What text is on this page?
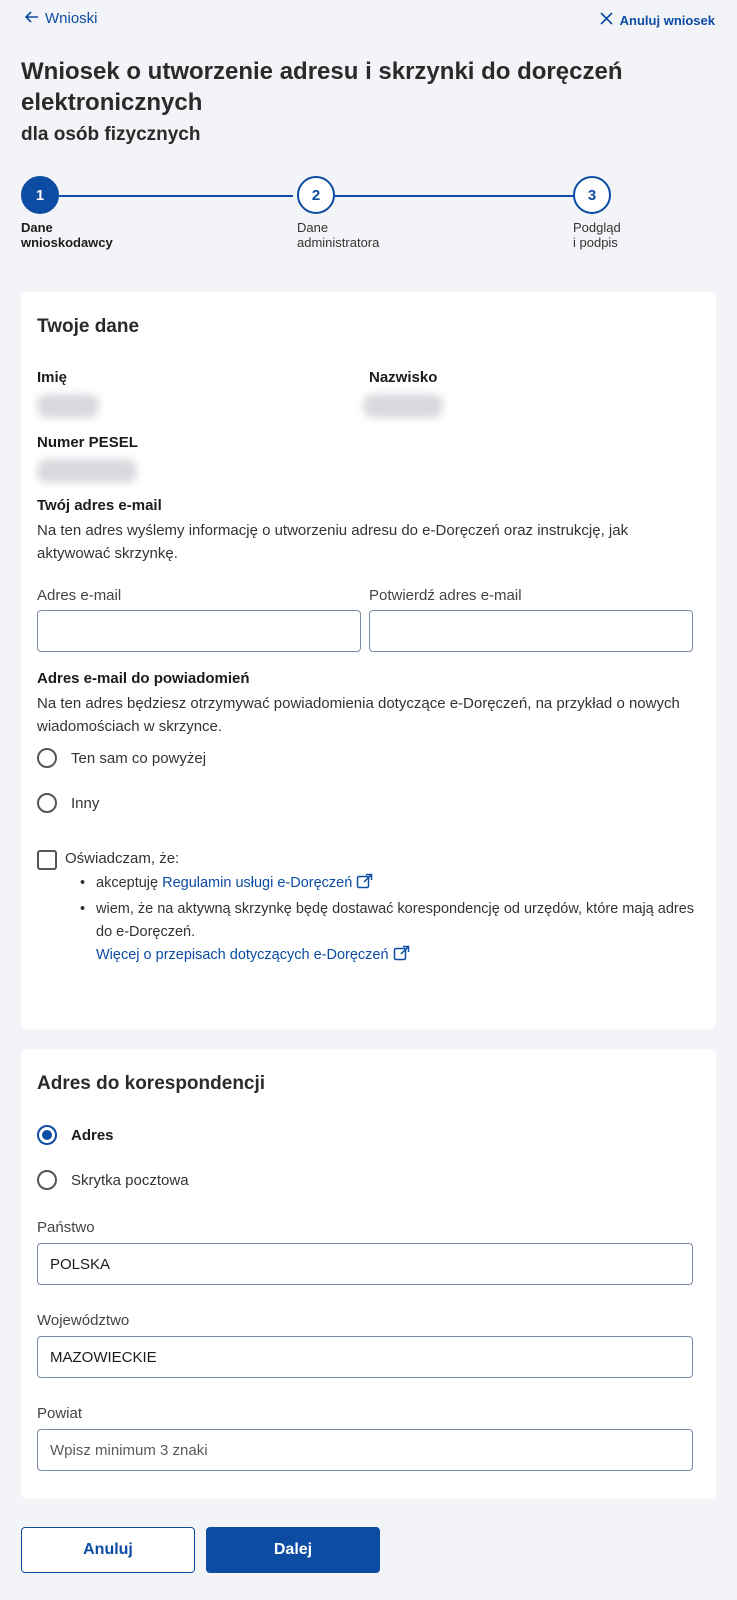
Wnioski	Anuluj wniosek
Wniosek o utworzenie adresu i skrzynki do doręczeń elektronicznych
dla osób fizycznych
1
Dane
wnioskodawcy
2
Dane
administratora
3
Podgląd
i podpis
Twoje dane
Imię	Nazwisko
Numer PESEL
Twój adres e-mail
Na ten adres wyślemy informację o utworzeniu adresu do e-Doręczeń oraz instrukcję, jak aktywować skrzynkę.
Adres e-mail	Potwierdź adres e-mail
Adres e-mail do powiadomień
Na ten adres będziesz otrzymywać powiadomienia dotyczące e-Doręczeń, na przykład o nowych wiadomościach w skrzynce.
Ten sam co powyżej
Inny
Oświadczam, że:
• akceptuję Regulamin usługi e-Doręczeń
• wiem, że na aktywną skrzynkę będę dostawać korespondencję od urzędów, które mają adres do e-Doręczeń.
Więcej o przepisach dotyczących e-Doręczeń
Adres do korespondencji
Adres
Skrytka pocztowa
Państwo
POLSKA
Województwo
MAZOWIECKIE
Powiat
Wpisz minimum 3 znaki
Anuluj	Dalej
